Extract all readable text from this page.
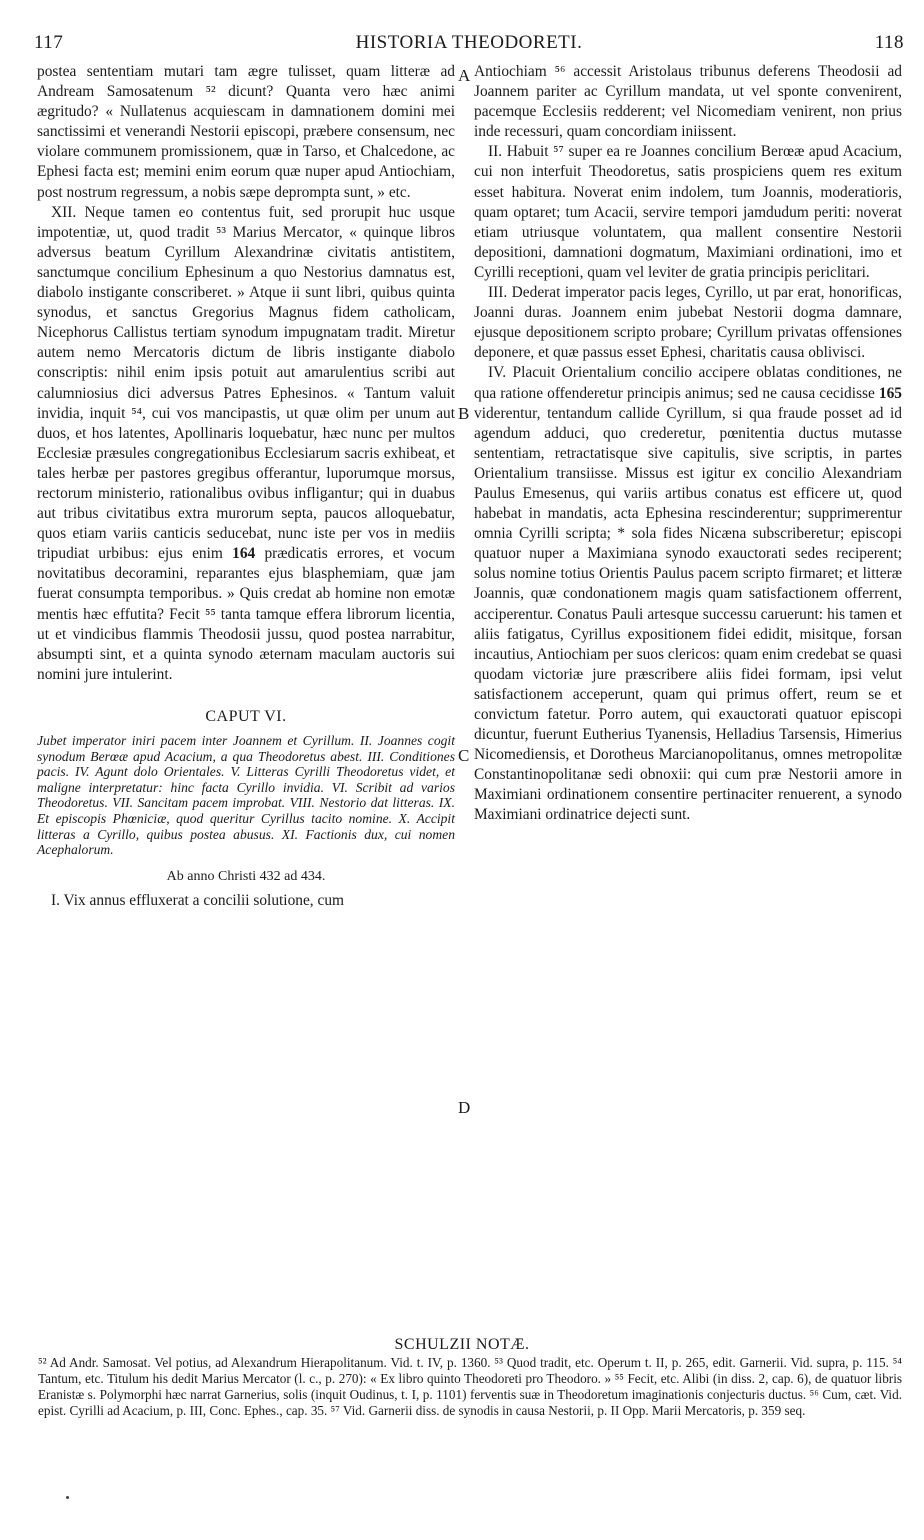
117	HISTORIA THEODORETI.	118

postea sententiam mutari tam ægre tulisset, quam litteræ ad Andream Samosatenum ⁵² dicunt? Quanta vero hæc animi ægritudo? « Nullatenus acquiescam in damnationem domini mei sanctissimi et venerandi Nestorii episcopi, præbere consensum, nec violare communem promissionem, quæ in Tarso, et Chalcedone, ac Ephesi facta est; memini enim eorum quæ nuper apud Antiochiam, post nostrum regressum, a nobis sæpe deprompta sunt, » etc.

XII. Neque tamen eo contentus fuit, sed prorupit huc usque impotentiæ, ut, quod tradit ⁵³ Marius Mercator, « quinque libros adversus beatum Cyrillum Alexandrinæ civitatis antistitem, sanctumque concilium Ephesinum a quo Nestorius damnatus est, diabolo instigante conscriberet. » Atque ii sunt libri, quibus quinta synodus, et sanctus Gregorius Magnus fidem catholicam, Nicephorus Callistus tertiam synodum impugnatam tradit. Miretur autem nemo Mercatoris dictum de libris instigante diabolo conscriptis: nihil enim ipsis potuit aut amarulentius scribi aut calumniosius dici adversus Patres Ephesinos. « Tantum valuit invidia, inquit ⁵⁴, cui vos mancipastis, ut quæ olim per unum aut duos, et hos latentes, Apollinaris loquebatur, hæc nunc per multos Ecclesiæ præsules congregationibus Ecclesiarum sacris exhibeat, et tales herbæ per pastores gregibus offerantur, luporumque morsus, rectorum ministerio, rationalibus ovibus infligantur; qui in duabus aut tribus civitatibus extra murorum septa, paucos alloquebatur, quos etiam variis canticis seducebat, nunc iste per vos in mediis tripudiat urbibus: ejus enim 164 prædicatis errores, et vocum novitatibus decoramini, reparantes ejus blasphemiam, quæ jam fuerat consumpta temporibus. » Quis credat ab homine non emotæ mentis hæc effutita? Fecit ⁵⁵ tanta tamque effera librorum licentia, ut et vindicibus flammis Theodosii jussu, quod postea narrabitur, absumpti sint, et a quinta synodo æternam maculam auctoris sui nomini jure intulerint.

CAPUT VI.
Jubet imperator iniri pacem inter Joannem et Cyrillum. II. Joannes cogit synodum Berœæ apud Acacium, a qua Theodoretus abest. III. Conditiones pacis. IV. Agunt dolo Orientales. V. Litteras Cyrilli Theodoretus videt, et maligne interpretatur: hinc facta Cyrillo invidia. VI. Scribit ad varios Theodoretus. VII. Sancitam pacem improbat. VIII. Nestorio dat litteras. IX. Et episcopis Phœniciæ, quod queritur Cyrillus tacito nomine. X. Accipit litteras a Cyrillo, quibus postea abusus. XI. Factionis dux, cui nomen Acephalorum.
Ab anno Christi 432 ad 434.

I. Vix annus effluxerat a concilii solutione, cum

A
B
C
D

Antiochiam ⁵⁶ accessit Aristolaus tribunus deferens Theodosii ad Joannem pariter ac Cyrillum mandata, ut vel sponte convenirent, pacemque Ecclesiis redderent; vel Nicomediam venirent, non prius inde recessuri, quam concordiam iniissent.

II. Habuit ⁵⁷ super ea re Joannes concilium Berœæ apud Acacium, cui non interfuit Theodoretus, satis prospiciens quem res exitum esset habitura. Noverat enim indolem, tum Joannis, moderatioris, quam optaret; tum Acacii, servire tempori jamdudum periti: noverat etiam utriusque voluntatem, qua mallent consentire Nestorii depositioni, damnationi dogmatum, Maximiani ordinationi, imo et Cyrilli receptioni, quam vel leviter de gratia principis periclitari.

III. Dederat imperator pacis leges, Cyrillo, ut par erat, honorificas, Joanni duras. Joannem enim jubebat Nestorii dogma damnare, ejusque depositionem scripto probare; Cyrillum privatas offensiones deponere, et quæ passus esset Ephesi, charitatis causa oblivisci.

IV. Placuit Orientalium concilio accipere oblatas conditiones, ne qua ratione offenderetur principis animus; sed ne causa cecidisse 165 viderentur, tentandum callide Cyrillum, si qua fraude posset ad id agendum adduci, quo crederetur, pœnitentia ductus mutasse sententiam, retractatisque sive capitulis, sive scriptis, in partes Orientalium transiisse. Missus est igitur ex concilio Alexandriam Paulus Emesenus, qui variis artibus conatus est efficere ut, quod habebat in mandatis, acta Ephesina rescinderentur; supprimerentur omnia Cyrilli scripta; * sola fides Nicæna subscriberetur; episcopi quatuor nuper a Maximiana synodo exauctorati sedes reciperent; solus nomine totius Orientis Paulus pacem scripto firmaret; et litteræ Joannis, quæ condonationem magis quam satisfactionem offerrent, acciperentur. Conatus Pauli artesque successu caruerunt: his tamen et aliis fatigatus, Cyrillus expositionem fidei edidit, misitque, forsan incautius, Antiochiam per suos clericos: quam enim credebat se quasi quodam victoriæ jure præscribere aliis fidei formam, ipsi velut satisfactionem acceperunt, quam qui primus offert, reum se et convictum fatetur. Porro autem, qui exauctorati quatuor episcopi dicuntur, fuerunt Eutherius Tyanensis, Helladius Tarsensis, Himerius Nicomediensis, et Dorotheus Marcianopolitanus, omnes metropolitæ Constantinopolitanæ sedi obnoxii: qui cum præ Nestorii amore in Maximiani ordinationem consentire pertinaciter renuerent, a synodo Maximiani ordinatrice dejecti sunt.

SCHULZII NOTÆ.
⁵² Ad Andr. Samosat. Vel potius, ad Alexandrum Hierapolitanum. Vid. t. IV, p. 1360. ⁵³ Quod tradit, etc. Operum t. II, p. 265, edit. Garnerii. Vid. supra, p. 115. ⁵⁴ Tantum, etc. Titulum his dedit Marius Mercator (l. c., p. 270): « Ex libro quinto Theodoreti pro Theodoro. » ⁵⁵ Fecit, etc. Alibi (in diss. 2, cap. 6), de quatuor libris Eranistæ s. Polymorphi hæc narrat Garnerius, solis (inquit Oudinus, t. I, p. 1101) ferventis suæ in Theodoretum imaginationis conjecturis ductus. ⁵⁶ Cum, cæt. Vid. epist. Cyrilli ad Acacium, p. III, Conc. Ephes., cap. 35. ⁵⁷ Vid. Garnerii diss. de synodis in causa Nestorii, p. II Opp. Marii Mercatoris, p. 359 seq.
